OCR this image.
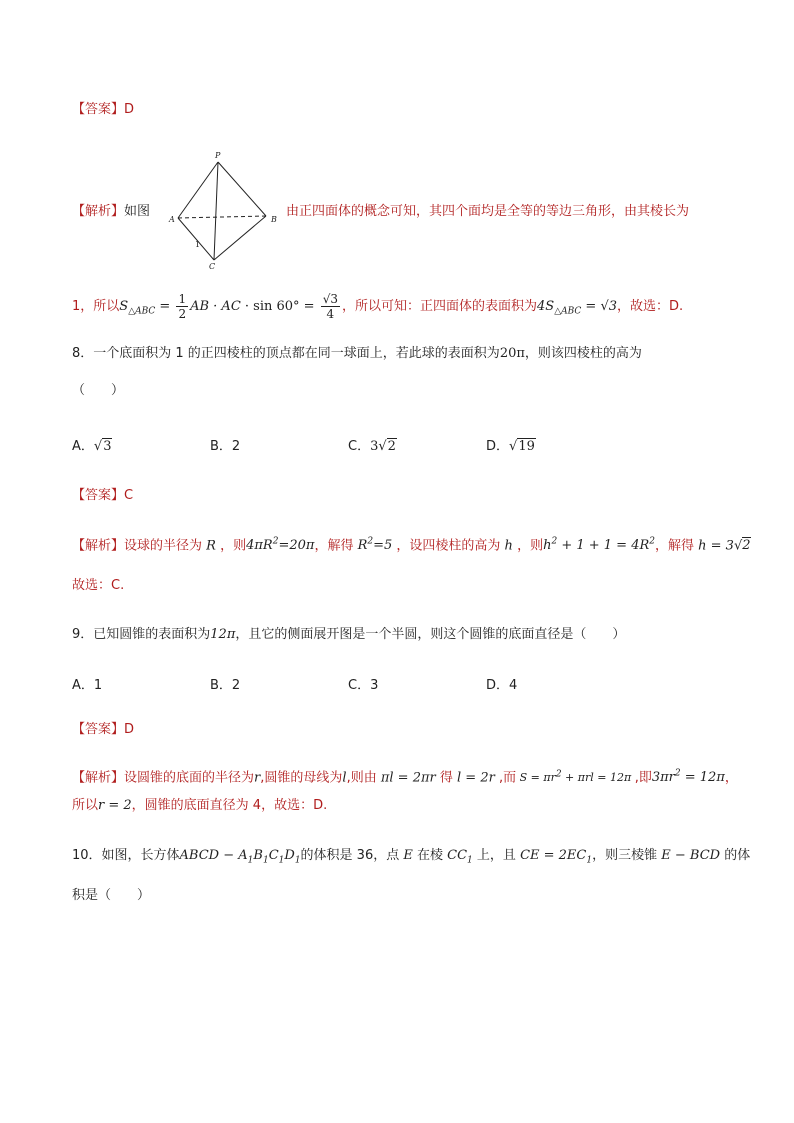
【答案】D
【解析】如图
P
A	B
C
1
由正四面体的概念可知，其四个面均是全等的等边三角形，由其棱长为
1，所以$S_{\triangle ABC} = \frac{1}{2}$ AB · AC · $\sin 60^\circ = \frac{√3}{4}$ ，所以可知：正四面体的表面积为$4S_{\triangle ABC} = √3$，故选：D.
8．一个底面积为 1 的正四棱柱的顶点都在同一球面上，若此球的表面积为20π，则该四棱柱的高为
（　　）
A．√3	B．2	C．3√2	D．√19
【答案】C
【解析】设球的半径为 R ，则$4\pi R^2=20\pi$，解得 $R^2=5$ ，设四棱柱的高为 h ，则$h^2 + 1 + 1 = 4R^2$，解得 h = 3√2
故选：C.
9．已知圆锥的表面积为12π，且它的侧面展开图是一个半圆，则这个圆锥的底面直径是（　　）
A．1	B．2	C．3	D．4
【答案】D
【解析】设圆锥的底面的半径为r,圆锥的母线为l,则由 πl = 2πr 得 l = 2r ,而 $S = \pi r^2 + \pi rl = 12\pi$ ,即$3\pi r^2 = 12\pi$，
所以r = 2，圆锥的底面直径为 4，故选：D.
10．如图，长方体ABCD − $A_1B_1C_1D_1$的体积是 36，点 E 在棱 $CC_1$ 上，且 CE = $2EC_1$，则三棱锥 E − BCD 的体
积是（　　）
